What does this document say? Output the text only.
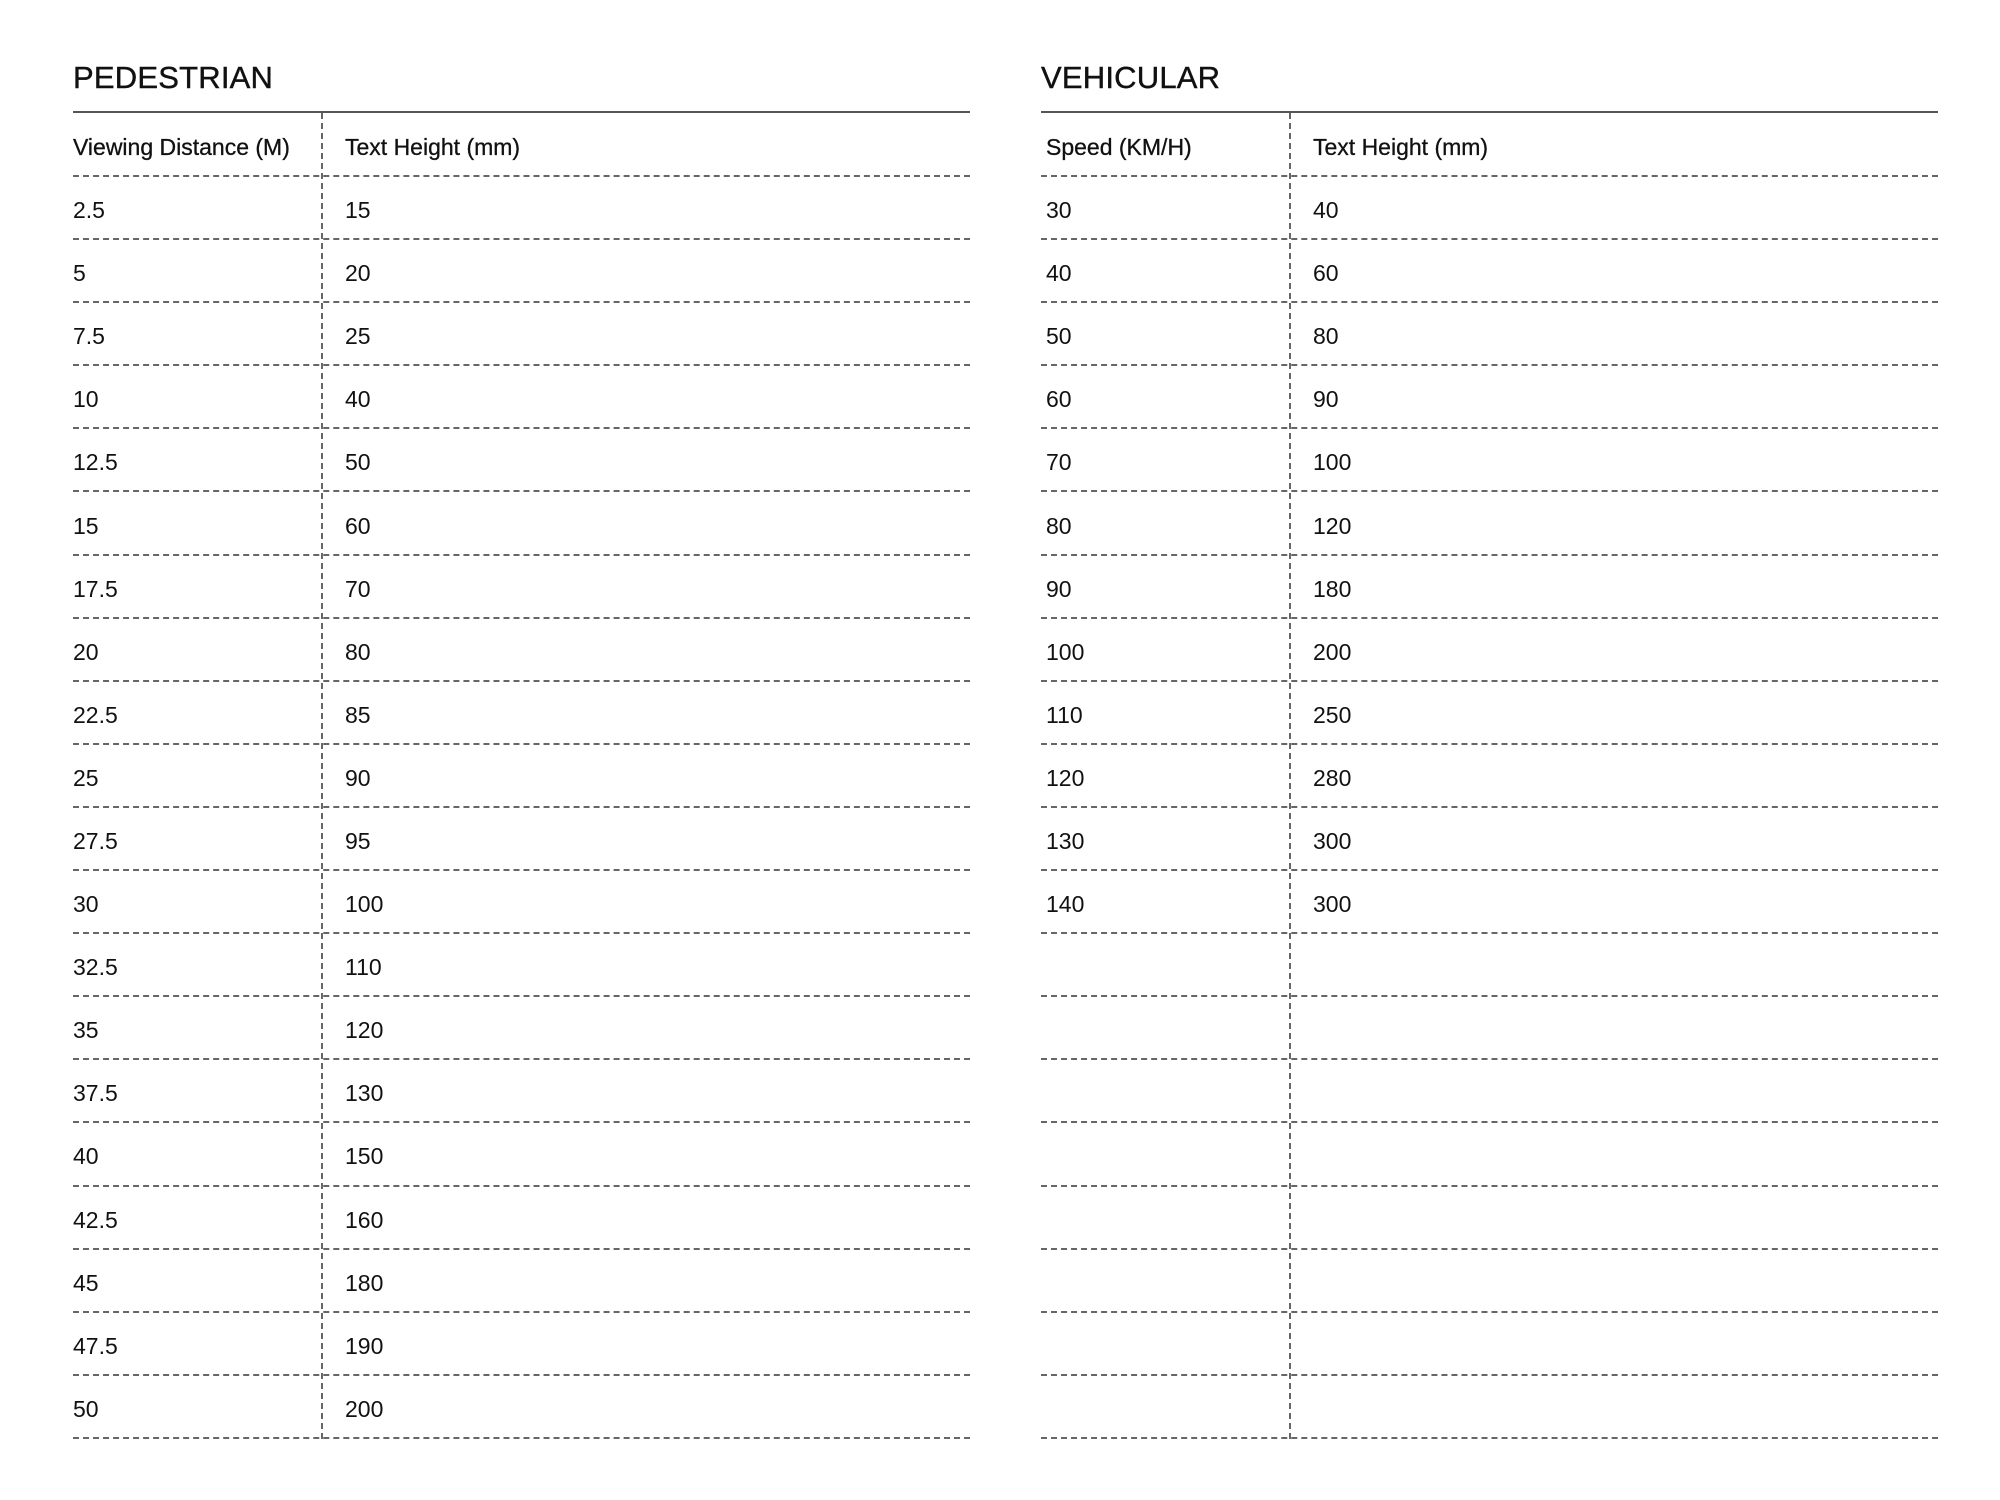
PEDESTRIAN
Viewing Distance (M)	Text Height (mm)
2.5	15
5	20
7.5	25
10	40
12.5	50
15	60
17.5	70
20	80
22.5	85
25	90
27.5	95
30	100
32.5	110
35	120
37.5	130
40	150
42.5	160
45	180
47.5	190
50	200
VEHICULAR
Speed (KM/H)	Text Height (mm)
30	40
40	60
50	80
60	90
70	100
80	120
90	180
100	200
110	250
120	280
130	300
140	300
